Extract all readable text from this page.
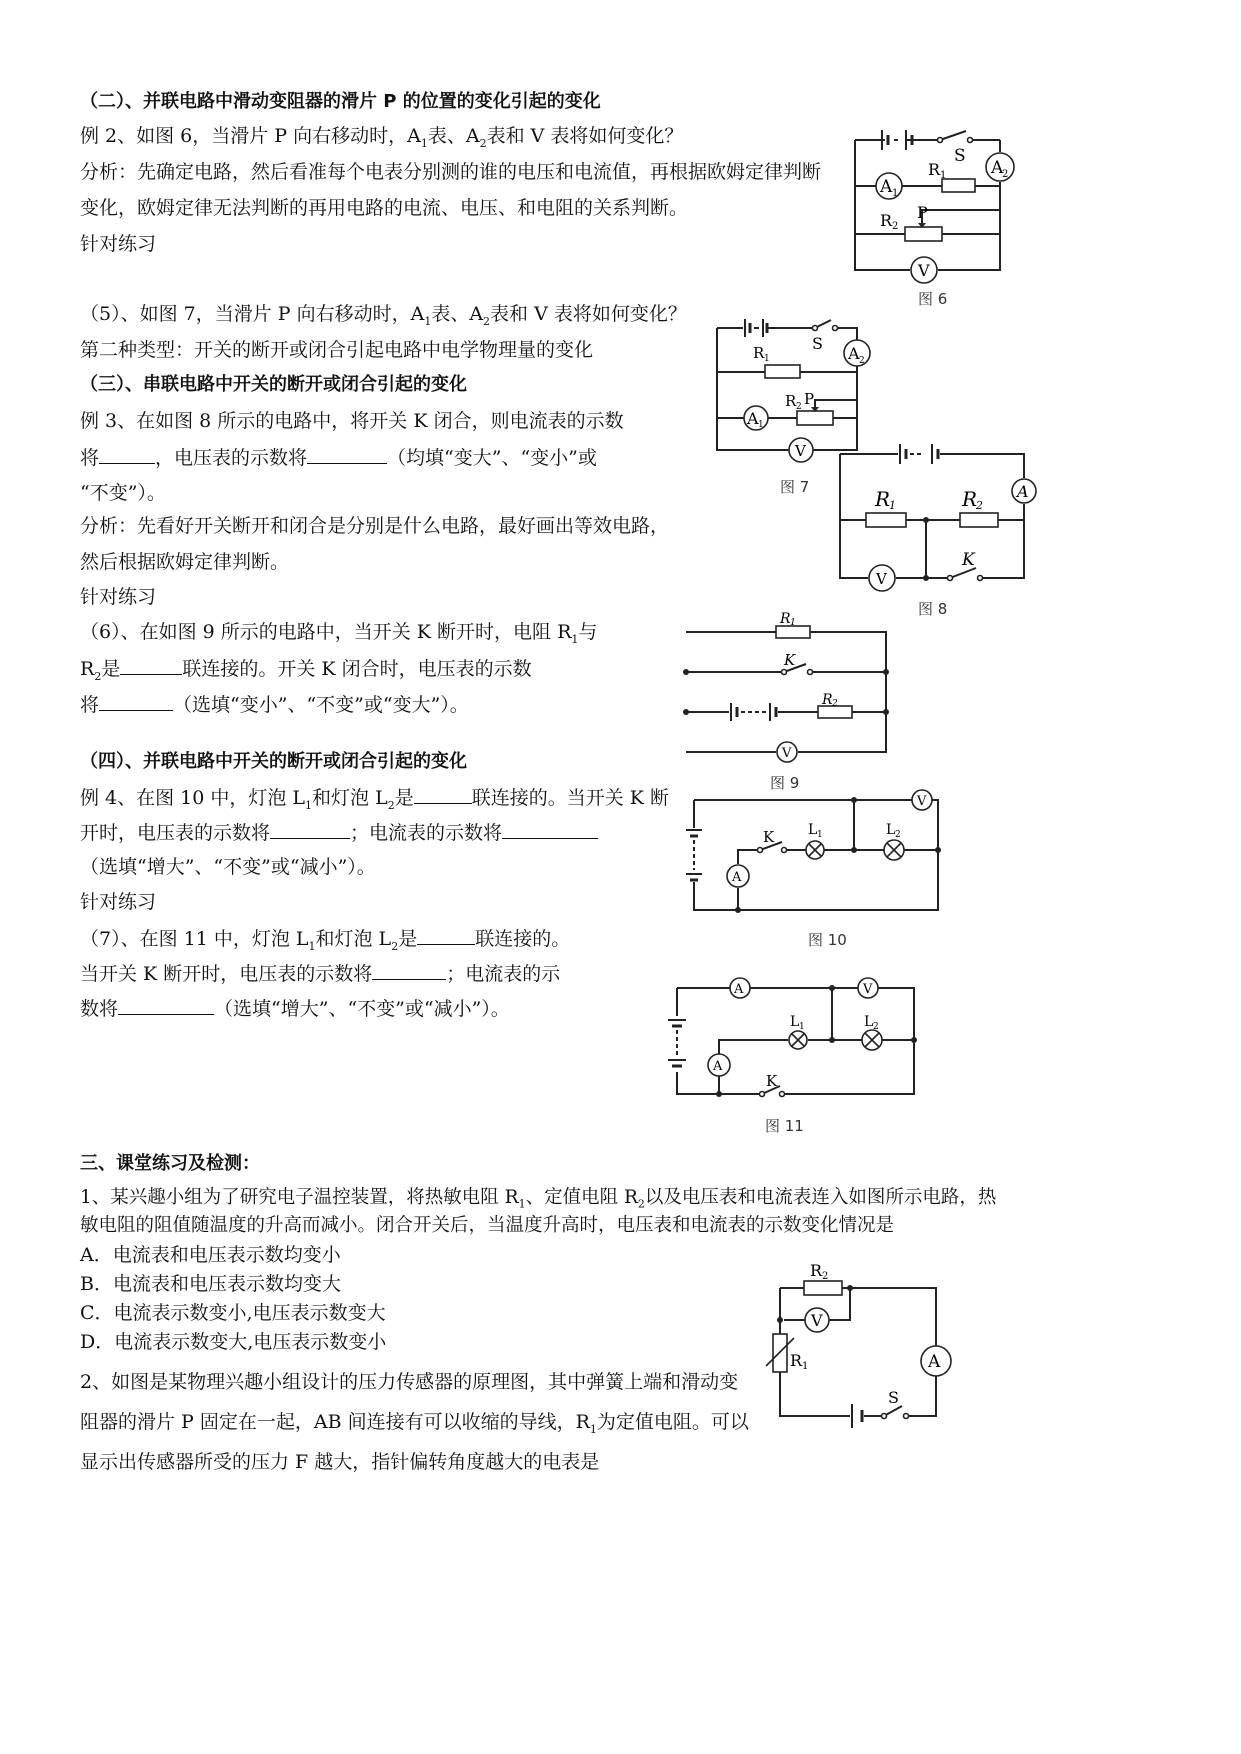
（二）、并联电路中滑动变阻器的滑片 P 的位置的变化引起的变化
例 2、如图 6，当滑片 P 向右移动时，$A_1$表、$A_2$表和 V 表将如何变化？
分析：先确定电路，然后看准每个电表分别测的谁的电压和电流值，再根据欧姆定律判断
变化，欧姆定律无法判断的再用电路的电流、电压、和电阻的关系判断。
针对练习
（5）、如图 7，当滑片 P 向右移动时，$A_1$表、$A_2$表和 V 表将如何变化？
第二种类型：开关的断开或闭合引起电路中电学物理量的变化
（三）、串联电路中开关的断开或闭合引起的变化
例 3、在如图 8 所示的电路中，将开关 K 闭合，则电流表的示数
将	，电压表的示数将	（均填“变大”、“变小”或
“不变”）。
分析：先看好开关断开和闭合是分别是什么电路，最好画出等效电路，
然后根据欧姆定律判断。
针对练习
（6）、在如图 9 所示的电路中，当开关 K 断开时，电阻 $R_1$与
$R_2$是	联连接的。开关 K 闭合时，电压表的示数
将	（选填“变小”、“不变”或“变大”）。
（四）、并联电路中开关的断开或闭合引起的变化
例 4、在图 10 中，灯泡 $L_1$和灯泡 $L_2$是	联连接的。当开关 K 断
开时，电压表的示数将	；电流表的示数将
（选填“增大”、“不变”或“减小”）。
针对练习
（7）、在图 11 中，灯泡 $L_1$和灯泡 $L_2$是	联连接的。
当开关 K 断开时，电压表的示数将	；电流表的示
数将	（选填“增大”、“不变”或“减小”）。
三、课堂练习及检测：
1、某兴趣小组为了研究电子温控装置，将热敏电阻 $R_1$、定值电阻 $R_2$以及电压表和电流表连入如图所示电路，热
敏电阻的阻值随温度的升高而减小。闭合开关后，当温度升高时，电压表和电流表的示数变化情况是
A．电流表和电压表示数均变小
B．电流表和电压表示数均变大
C．电流表示数变小,电压表示数变大
D．电流表示数变大,电压表示数变小
2、如图是某物理兴趣小组设计的压力传感器的原理图，其中弹簧上端和滑动变
阻器的滑片 P 固定在一起，AB 间连接有可以收缩的导线，$R_1$为定值电阻。可以
显示出传感器所受的压力 F 越大，指针偏转角度越大的电表是
S
A
2
A 1
R 1
R 2
P
V
图 6
S
A 2
R 1
A 1
R 2 P
V
图 7	A
R
1	R
2
V
K
图 8
R 1
K
R 2
V
图 9
K L 1	L 2
V
A
图 10
A	V
A
L 1	L 2
K
图 11
R 2
V
R 1	A
S
